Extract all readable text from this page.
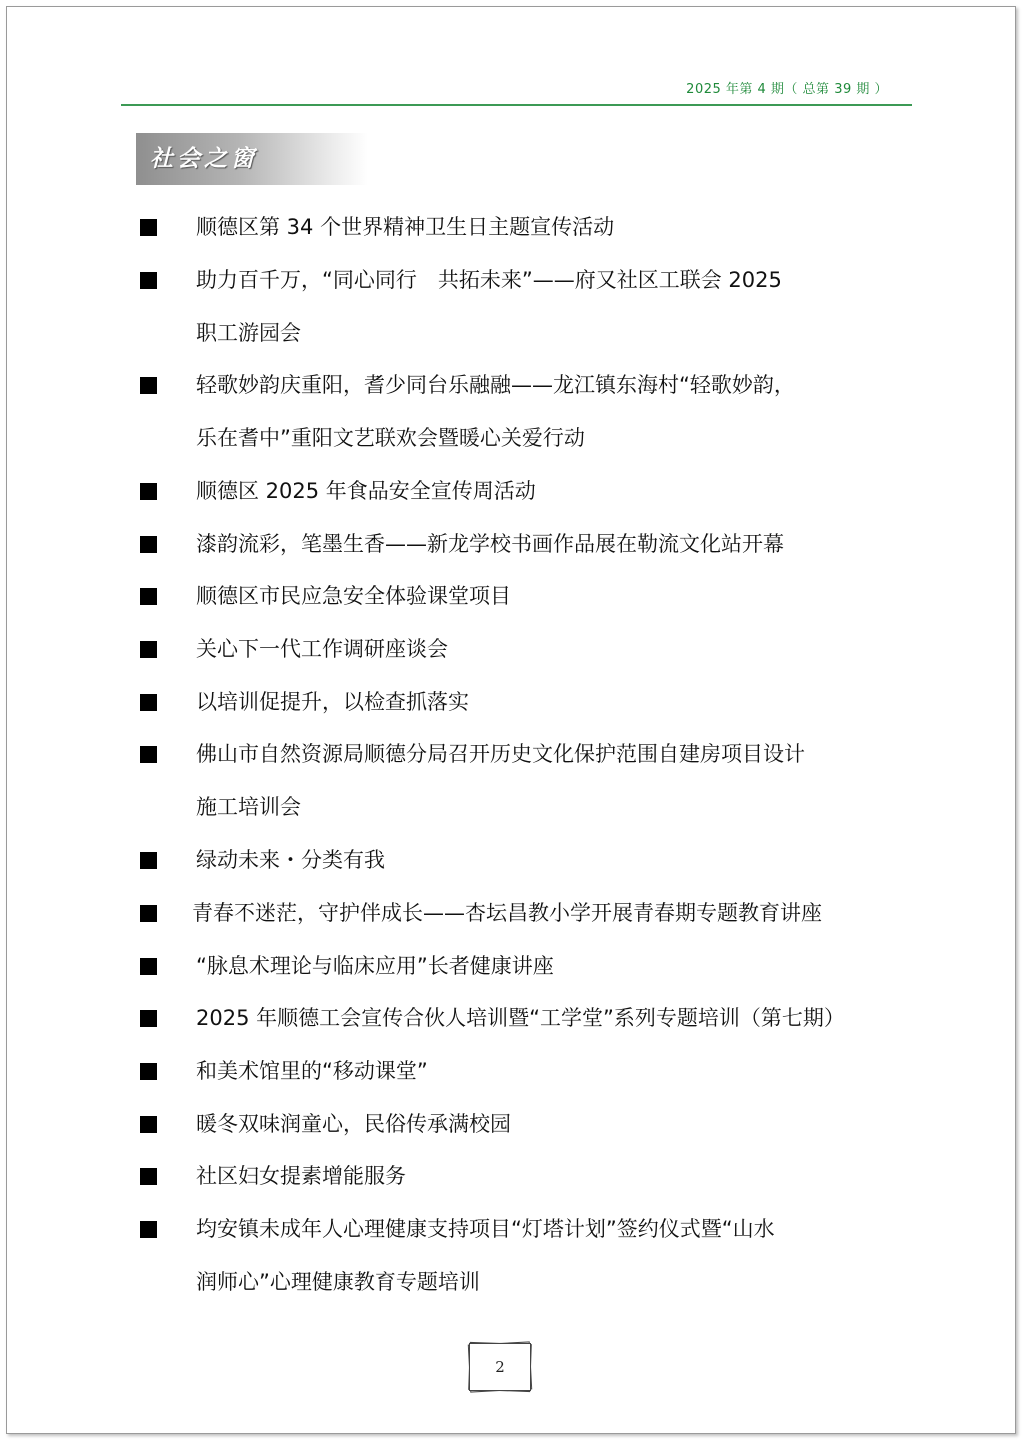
2025 年第 4 期（ 总第 39 期 ）
社会之窗
顺德区第 34 个世界精神卫生日主题宣传活动
助力百千万，“同心同行　共拓未来”——府又社区工联会 2025
职工游园会
轻歌妙韵庆重阳，耆少同台乐融融——龙江镇东海村“轻歌妙韵，
乐在耆中”重阳文艺联欢会暨暖心关爱行动
顺德区 2025 年食品安全宣传周活动
漆韵流彩，笔墨生香——新龙学校书画作品展在勒流文化站开幕
顺德区市民应急安全体验课堂项目
关心下一代工作调研座谈会
以培训促提升，以检查抓落实
佛山市自然资源局顺德分局召开历史文化保护范围自建房项目设计
施工培训会
绿动未来・分类有我
青春不迷茫，守护伴成长——杏坛昌教小学开展青春期专题教育讲座
“脉息术理论与临床应用”长者健康讲座
2025 年顺德工会宣传合伙人培训暨“工学堂”系列专题培训（第七期）
和美术馆里的“移动课堂”
暖冬双味润童心，民俗传承满校园
社区妇女提素增能服务
均安镇未成年人心理健康支持项目“灯塔计划”签约仪式暨“山水
润师心”心理健康教育专题培训
2
